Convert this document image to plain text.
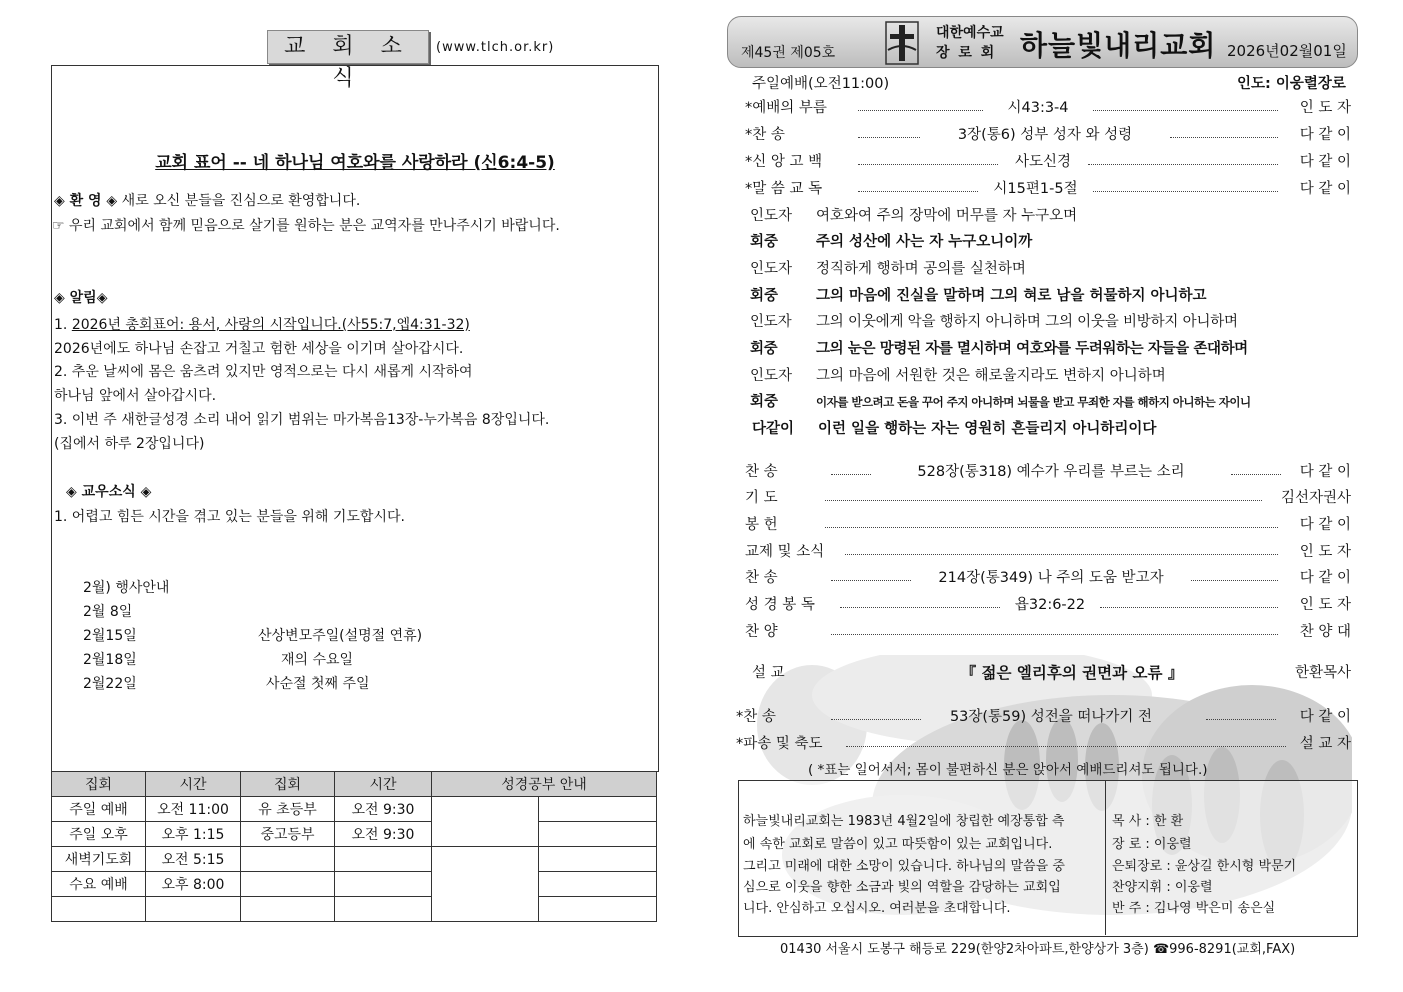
교 회 소 식
(www.tlch.or.kr)
교회 표어 -- 네 하나님 여호와를 사랑하라 (신6:4-5)
◈ 환 영 ◈ 새로 오신 분들을 진심으로 환영합니다.
☞ 우리 교회에서 함께 믿음으로 살기를 원하는 분은 교역자를 만나주시기 바랍니다.
◈ 알림◈
1. 2026년 총회표어: 용서, 사랑의 시작입니다.(사55:7,엡4:31-32)
2026년에도 하나님 손잡고 거칠고 험한 세상을 이기며 살아갑시다.
2. 추운 날씨에 몸은 움츠려 있지만 영적으로는 다시 새롭게 시작하여
하나님 앞에서 살아갑시다.
3. 이번 주 새한글성경 소리 내어 읽기 범위는 마가복음13장-누가복음 8장입니다.
(집에서 하루 2장입니다)
◈ 교우소식 ◈
1. 어렵고 힘든 시간을 겪고 있는 분들을 위해 기도합시다.
2월) 행사안내
2월 8일
2월15일	산상변모주일(설명절 연휴)
2월18일	재의 수요일
2월22일	사순절 첫째 주일
집회	시간	집회	시간	성경공부 안내	
주일 예배	오전 11:00	유 초등부	오전 9:30		
주일 오후	오후 1:15	중고등부	오전 9:30		
새벽기도회	오전 5:15				
수요 예배	오후 8:00				

제45권 제05호
대한예수교
장 로 회 하늘빛내리교회 2026년02월01일
주일예배(오전11:00)	인도: 이웅렬장로
*예배의 부름	시43:3-4	인 도 자
*찬 송	3장(통6) 성부 성자 와 성령	다 같 이
*신 앙 고 백	사도신경	다 같 이
*말 씀 교 독	시15편1-5절	다 같 이
인도자 여호와여 주의 장막에 머무를 자 누구오며
회중	주의 성산에 사는 자 누구오니이까
인도자 정직하게 행하며 공의를 실천하며
회중	그의 마음에 진실을 말하며 그의 혀로 남을 허물하지 아니하고
인도자 그의 이웃에게 악을 행하지 아니하며 그의 이웃을 비방하지 아니하며
회중	그의 눈은 망령된 자를 멸시하며 여호와를 두려워하는 자들을 존대하며
인도자 그의 마음에 서원한 것은 해로울지라도 변하지 아니하며
회중	이자를 받으려고 돈을 꾸어 주지 아니하며 뇌물을 받고 무죄한 자를 해하지 아니하는 자이니
다같이 이런 일을 행하는 자는 영원히 흔들리지 아니하리이다
찬 송	528장(통318) 예수가 우리를 부르는 소리	다 같 이
기 도	김선자권사
봉 헌	다 같 이
교제 및 소식	인 도 자
찬 송	214장(통349) 나 주의 도움 받고자	다 같 이
성 경 봉 독	욥32:6-22	인 도 자
찬 양	찬 양 대
설 교	『 젊은 엘리후의 권면과 오류 』	한환목사
*찬 송	53장(통59) 성전을 떠나가기 전	다 같 이
*파송 및 축도	설 교 자
( *표는 일어서서; 몸이 불편하신 분은 앉아서 예배드리셔도 됩니다.)
하늘빛내리교회는 1983년 4월2일에 창립한 예장통합 측
에 속한 교회로 말씀이 있고 따뜻함이 있는 교회입니다.
그리고 미래에 대한 소망이 있습니다. 하나님의 말씀을 중
심으로 이웃을 향한 소금과 빛의 역할을 감당하는 교회입
니다. 안심하고 오십시오. 여러분을 초대합니다.
목 사 : 한 환
장 로 : 이웅렬
은퇴장로 : 윤상길 한시형 박문기
찬양지휘 : 이웅렬
반 주 : 김나영 박은미 송은실
01430 서울시 도봉구 해등로 229(한양2차아파트,한양상가 3층) ☎996-8291(교회,FAX)
